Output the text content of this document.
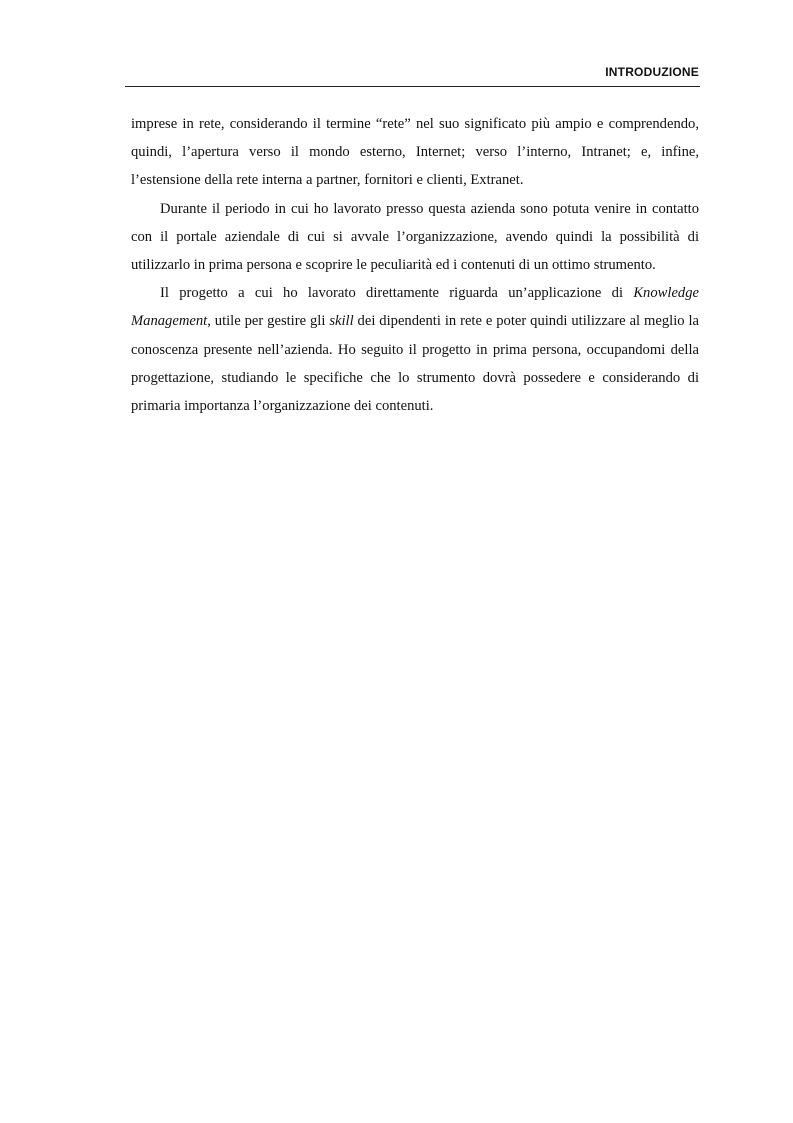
INTRODUZIONE

imprese in rete, considerando il termine “rete” nel suo significato più ampio e comprendendo, quindi, l’apertura verso il mondo esterno, Internet; verso l’interno, Intranet; e, infine, l’estensione della rete interna a partner, fornitori e clienti, Extranet.

Durante il periodo in cui ho lavorato presso questa azienda sono potuta venire in contatto con il portale aziendale di cui si avvale l’organizzazione, avendo quindi la possibilità di utilizzarlo in prima persona e scoprire le peculiarità ed i contenuti di un ottimo strumento.

Il progetto a cui ho lavorato direttamente riguarda un’applicazione di Knowledge Management, utile per gestire gli skill dei dipendenti in rete e poter quindi utilizzare al meglio la conoscenza presente nell’azienda. Ho seguito il progetto in prima persona, occupandomi della progettazione, studiando le specifiche che lo strumento dovrà possedere e considerando di primaria importanza l’organizzazione dei contenuti.
